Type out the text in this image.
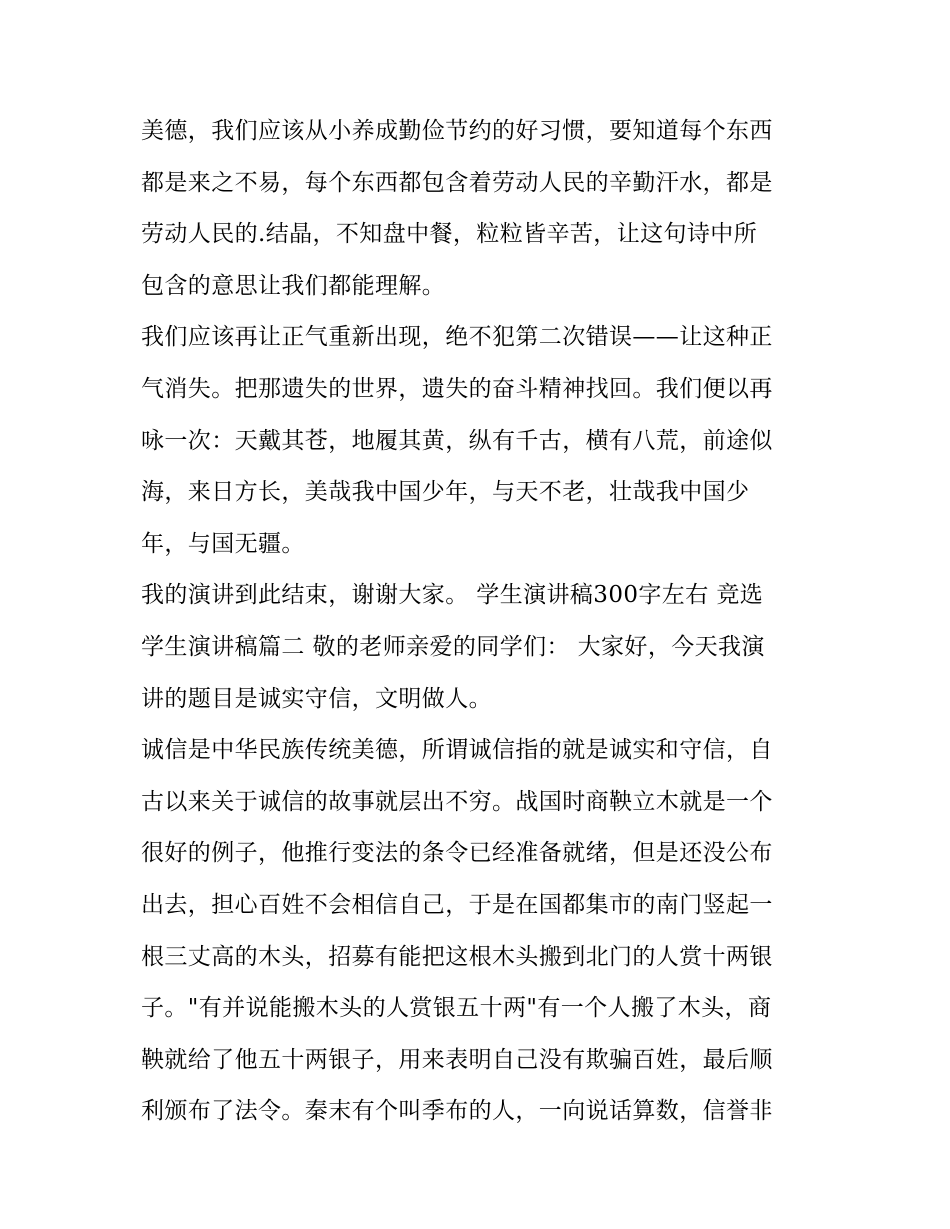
美德，我们应该从小养成勤俭节约的好习惯，要知道每个东西
都是来之不易，每个东西都包含着劳动人民的辛勤汗水，都是
劳动人民的.结晶，不知盘中餐，粒粒皆辛苦，让这句诗中所
包含的意思让我们都能理解。
我们应该再让正气重新出现，绝不犯第二次错误——让这种正
气消失。把那遗失的世界，遗失的奋斗精神找回。我们便以再
咏一次：天戴其苍，地履其黄，纵有千古，横有八荒，前途似
海，来日方长，美哉我中国少年，与天不老，壮哉我中国少
年，与国无疆。
我的演讲到此结束，谢谢大家。 学生演讲稿300字左右 竞选
学生演讲稿篇二 敬的老师亲爱的同学们： 大家好，今天我演
讲的题目是诚实守信，文明做人。
诚信是中华民族传统美德，所谓诚信指的就是诚实和守信，自
古以来关于诚信的故事就层出不穷。战国时商鞅立木就是一个
很好的例子，他推行变法的条令已经准备就绪，但是还没公布
出去，担心百姓不会相信自己，于是在国都集市的南门竖起一
根三丈高的木头，招募有能把这根木头搬到北门的人赏十两银
子。"有并说能搬木头的人赏银五十两"有一个人搬了木头，商
鞅就给了他五十两银子，用来表明自己没有欺骗百姓，最后顺
利颁布了法令。秦末有个叫季布的人，一向说话算数，信誉非
